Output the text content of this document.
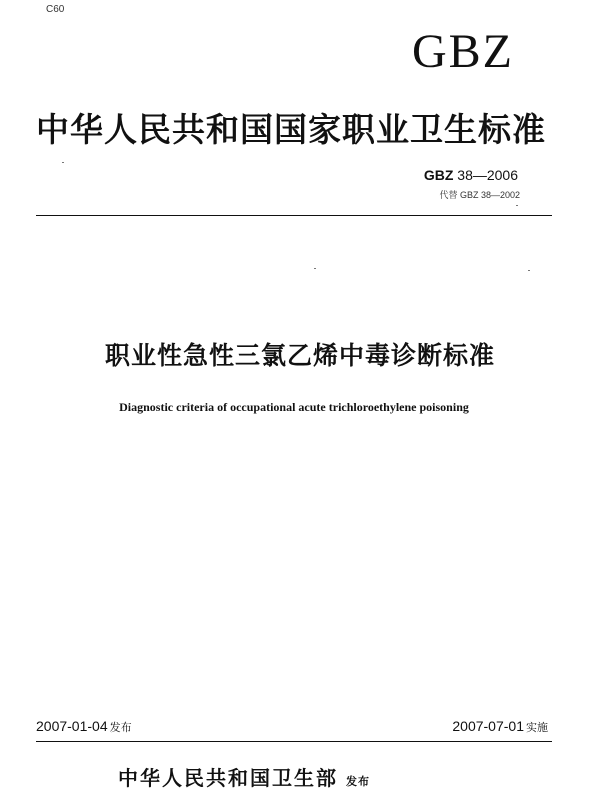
C60
GBZ
中华人民共和国国家职业卫生标准
GBZ 38—2006
代替 GBZ 38—2002
职业性急性三氯乙烯中毒诊断标准
Diagnostic criteria of occupational acute trichloroethylene poisoning
2007-01-04 发布	2007-07-01 实施
中华人民共和国卫生部 发布
